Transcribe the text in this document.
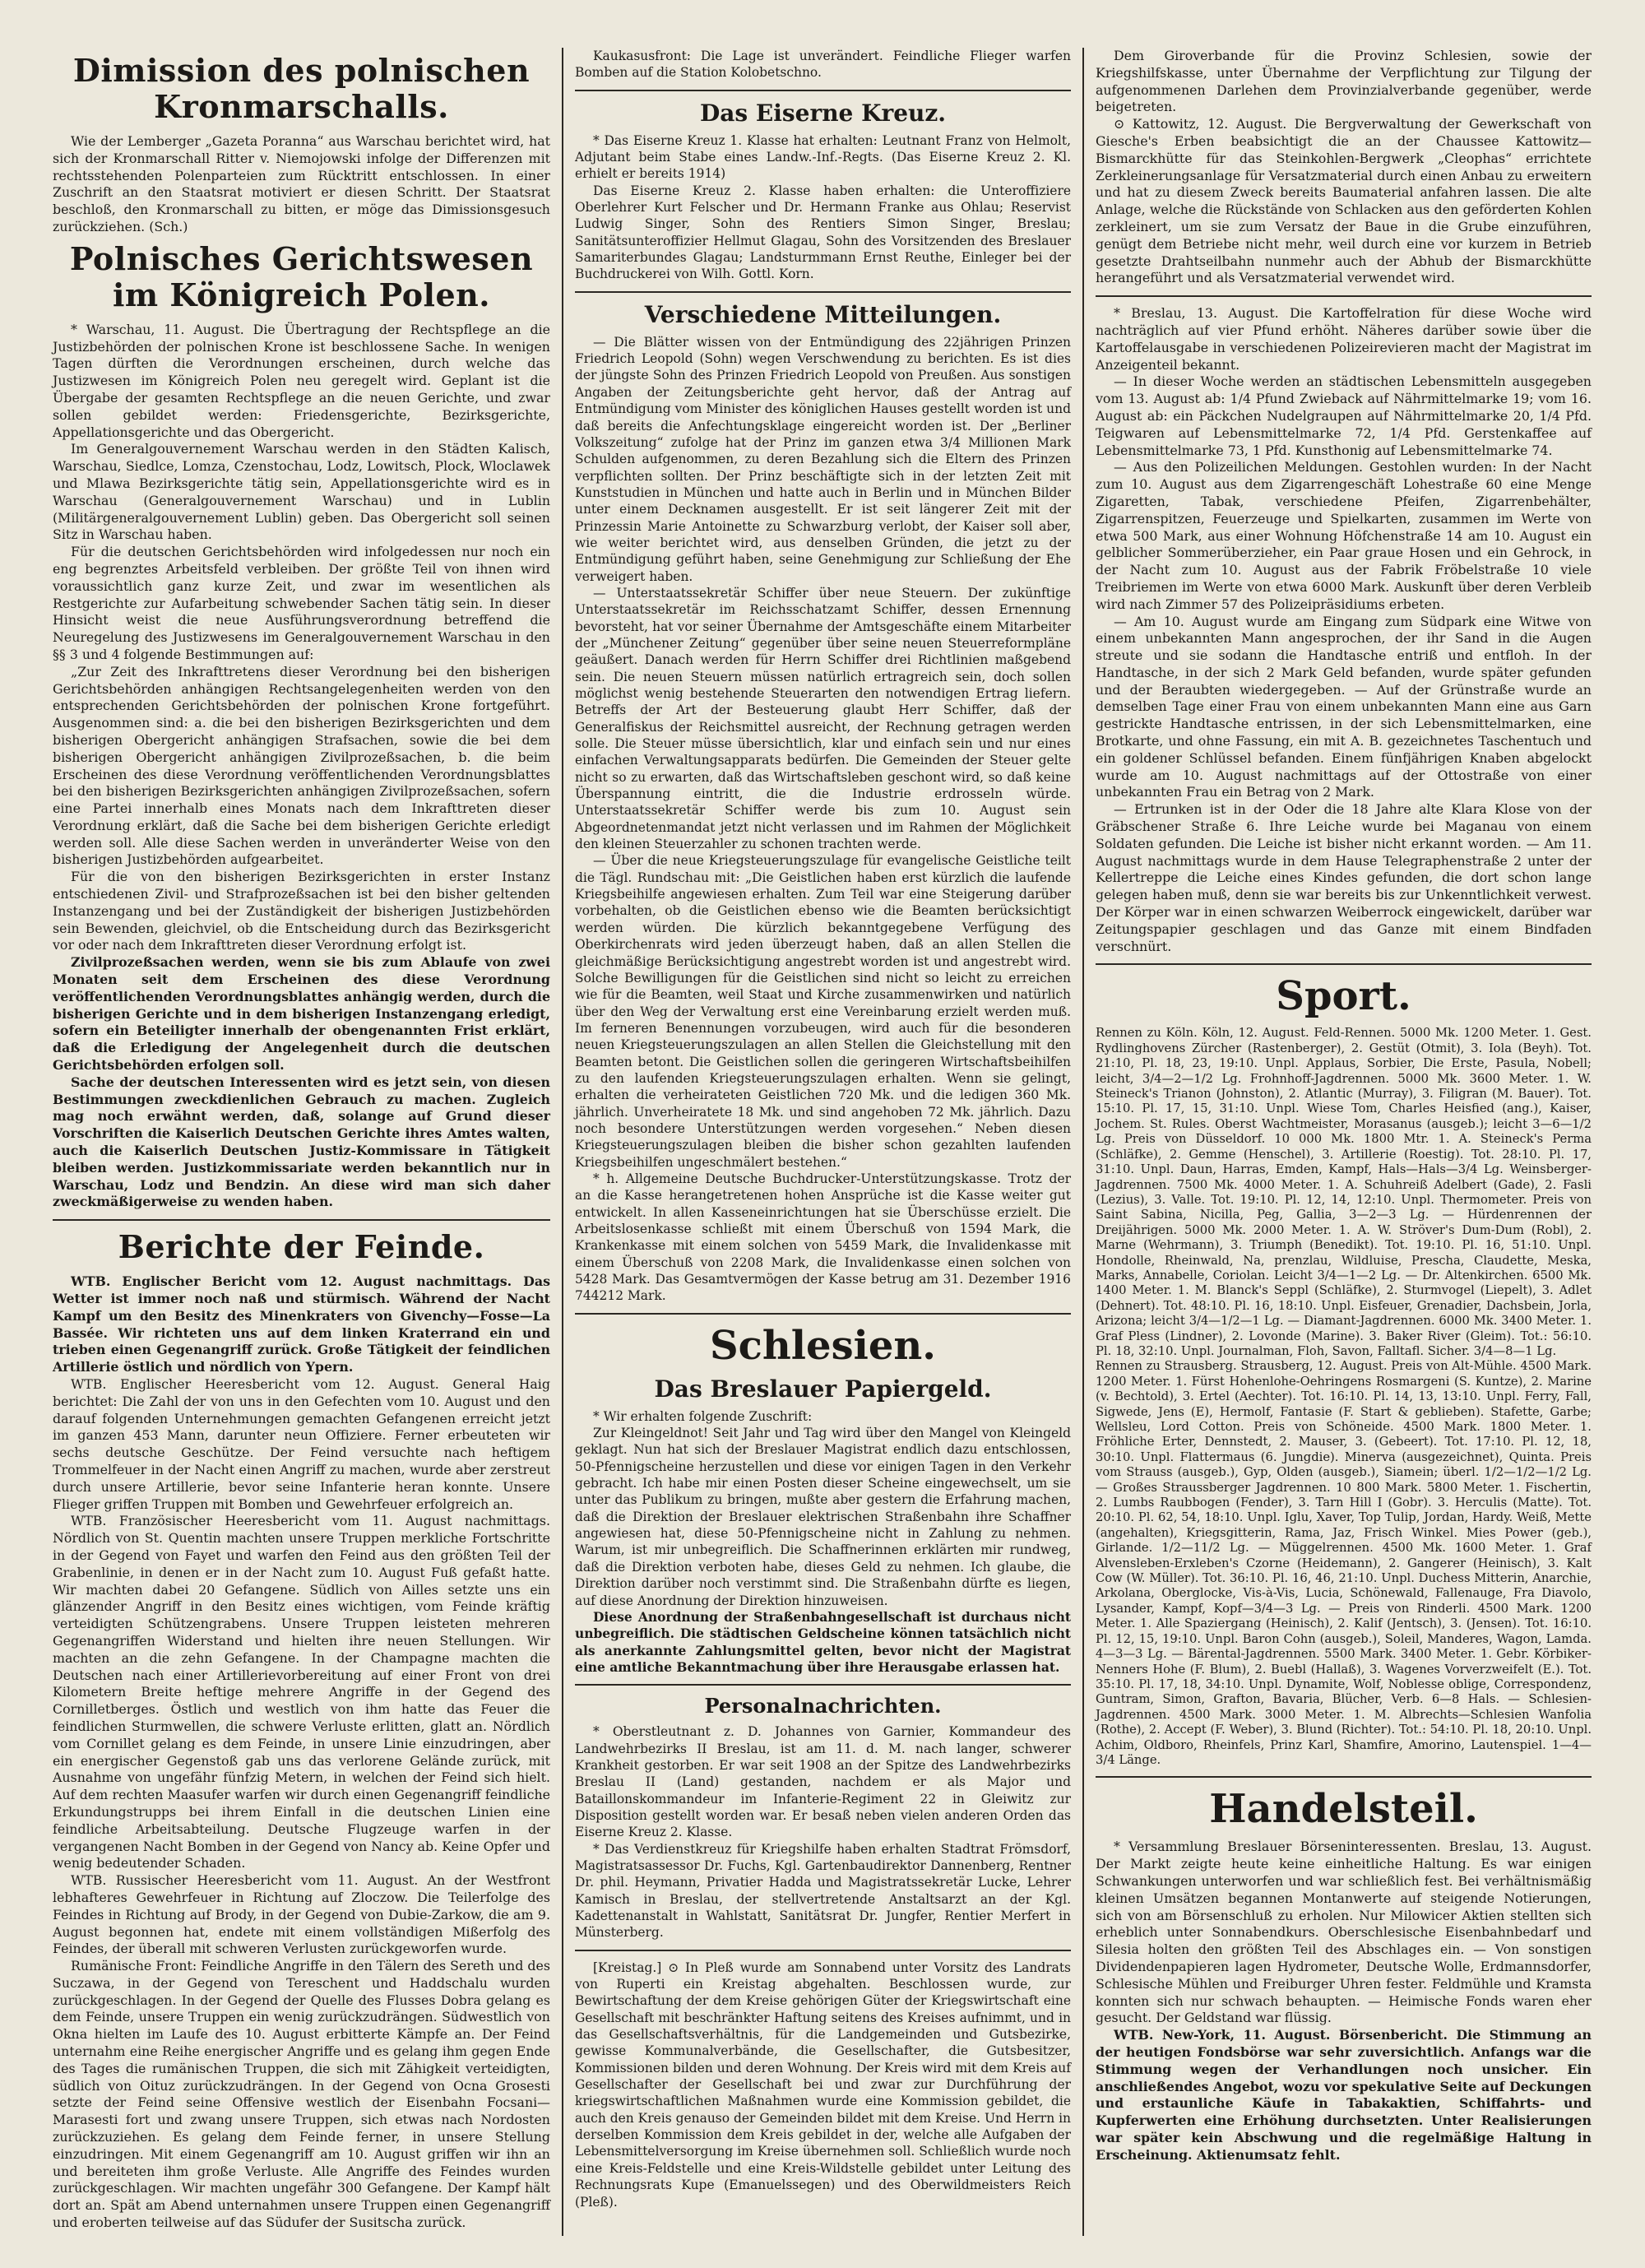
Dimission des polnischen Kronmarschalls.

Wie der Lemberger „Gazeta Poranna“ aus Warschau berichtet wird, hat sich der Kronmarschall Ritter v. Niemojowski infolge der Differenzen mit rechtsstehenden Polenparteien zum Rücktritt entschlossen. In einer Zuschrift an den Staatsrat motiviert er diesen Schritt. Der Staatsrat beschloß, den Kronmarschall zu bitten, er möge das Dimissionsgesuch zurückziehen. (Sch.)

Polnisches Gerichtswesen im Königreich Polen.

* Warschau, 11. August. Die Übertragung der Rechtspflege an die Justizbehörden der polnischen Krone ist beschlossene Sache. In wenigen Tagen dürften die Verordnungen erscheinen, durch welche das Justizwesen im Königreich Polen neu geregelt wird. Geplant ist die Übergabe der gesamten Rechtspflege an die neuen Gerichte, und zwar sollen gebildet werden: Friedensgerichte, Bezirksgerichte, Appellationsgerichte und das Obergericht.

Im Generalgouvernement Warschau werden in den Städten Kalisch, Warschau, Siedlce, Lomza, Czenstochau, Lodz, Lowitsch, Plock, Wloclawek und Mlawa Bezirksgerichte tätig sein, Appellationsgerichte wird es in Warschau (Generalgouvernement Warschau) und in Lublin (Militärgeneralgouvernement Lublin) geben. Das Obergericht soll seinen Sitz in Warschau haben.

Für die deutschen Gerichtsbehörden wird infolgedessen nur noch ein eng begrenztes Arbeitsfeld verbleiben. Der größte Teil von ihnen wird voraussichtlich ganz kurze Zeit, und zwar im wesentlichen als Restgerichte zur Aufarbeitung schwebender Sachen tätig sein. In dieser Hinsicht weist die neue Ausführungsverordnung betreffend die Neuregelung des Justizwesens im Generalgouvernement Warschau in den §§ 3 und 4 folgende Bestimmungen auf:

„Zur Zeit des Inkrafttretens dieser Verordnung bei den bisherigen Gerichtsbehörden anhängigen Rechtsangelegenheiten werden von den entsprechenden Gerichtsbehörden der polnischen Krone fortgeführt. Ausgenommen sind: a. die bei den bisherigen Bezirksgerichten und dem bisherigen Obergericht anhängigen Strafsachen, sowie die bei dem bisherigen Obergericht anhängigen Zivilprozeßsachen, b. die beim Erscheinen des diese Verordnung veröffentlichenden Verordnungsblattes bei den bisherigen Bezirksgerichten anhängigen Zivilprozeßsachen, sofern eine Partei innerhalb eines Monats nach dem Inkrafttreten dieser Verordnung erklärt, daß die Sache bei dem bisherigen Gerichte erledigt werden soll. Alle diese Sachen werden in unveränderter Weise von den bisherigen Justizbehörden aufgearbeitet.

Für die von den bisherigen Bezirksgerichten in erster Instanz entschiedenen Zivil- und Strafprozeßsachen ist bei den bisher geltenden Instanzengang und bei der Zuständigkeit der bisherigen Justizbehörden sein Bewenden, gleichviel, ob die Entscheidung durch das Bezirksgericht vor oder nach dem Inkrafttreten dieser Verordnung erfolgt ist.

Zivilprozeßsachen werden, wenn sie bis zum Ablaufe von zwei Monaten seit dem Erscheinen des diese Verordnung veröffentlichenden Verordnungsblattes anhängig werden, durch die bisherigen Gerichte und in dem bisherigen Instanzengang erledigt, sofern ein Beteiligter innerhalb der obengenannten Frist erklärt, daß die Erledigung der Angelegenheit durch die deutschen Gerichtsbehörden erfolgen soll.

Sache der deutschen Interessenten wird es jetzt sein, von diesen Bestimmungen zweckdienlichen Gebrauch zu machen. Zugleich mag noch erwähnt werden, daß, solange auf Grund dieser Vorschriften die Kaiserlich Deutschen Gerichte ihres Amtes walten, auch die Kaiserlich Deutschen Justiz-Kommissare in Tätigkeit bleiben werden. Justizkommissariate werden bekanntlich nur in Warschau, Lodz und Bendzin. An diese wird man sich daher zweckmäßigerweise zu wenden haben.

Berichte der Feinde.

WTB. Englischer Bericht vom 12. August nachmittags. Das Wetter ist immer noch naß und stürmisch. Während der Nacht Kampf um den Besitz des Minenkraters von Givenchy—Fosse—La Bassée. Wir richteten uns auf dem linken Kraterrand ein und trieben einen Gegenangriff zurück. Große Tätigkeit der feindlichen Artillerie östlich und nördlich von Ypern.

WTB. Englischer Heeresbericht vom 12. August. General Haig berichtet: Die Zahl der von uns in den Gefechten vom 10. August und den darauf folgenden Unternehmungen gemachten Gefangenen erreicht jetzt im ganzen 453 Mann, darunter neun Offiziere. Ferner erbeuteten wir sechs deutsche Geschütze. Der Feind versuchte nach heftigem Trommelfeuer in der Nacht einen Angriff zu machen, wurde aber zerstreut durch unsere Artillerie, bevor seine Infanterie heran konnte. Unsere Flieger griffen Truppen mit Bomben und Gewehrfeuer erfolgreich an.

WTB. Französischer Heeresbericht vom 11. August nachmittags. Nördlich von St. Quentin machten unsere Truppen merkliche Fortschritte in der Gegend von Fayet und warfen den Feind aus den größten Teil der Grabenlinie, in denen er in der Nacht zum 10. August Fuß gefaßt hatte. Wir machten dabei 20 Gefangene. Südlich von Ailles setzte uns ein glänzender Angriff in den Besitz eines wichtigen, vom Feinde kräftig verteidigten Schützengrabens. Unsere Truppen leisteten mehreren Gegenangriffen Widerstand und hielten ihre neuen Stellungen. Wir machten an die zehn Gefangene. In der Champagne machten die Deutschen nach einer Artillerievorbereitung auf einer Front von drei Kilometern Breite heftige mehrere Angriffe in der Gegend des Cornilletberges. Östlich und westlich von ihm hatte das Feuer die feindlichen Sturmwellen, die schwere Verluste erlitten, glatt an. Nördlich vom Cornillet gelang es dem Feinde, in unsere Linie einzudringen, aber ein energischer Gegenstoß gab uns das verlorene Gelände zurück, mit Ausnahme von ungefähr fünfzig Metern, in welchen der Feind sich hielt. Auf dem rechten Maasufer warfen wir durch einen Gegenangriff feindliche Erkundungstrupps bei ihrem Einfall in die deutschen Linien eine feindliche Arbeitsabteilung. Deutsche Flugzeuge warfen in der vergangenen Nacht Bomben in der Gegend von Nancy ab. Keine Opfer und wenig bedeutender Schaden.

WTB. Russischer Heeresbericht vom 11. August. An der Westfront lebhafteres Gewehrfeuer in Richtung auf Zloczow. Die Teilerfolge des Feindes in Richtung auf Brody, in der Gegend von Dubie-Zarkow, die am 9. August begonnen hat, endete mit einem vollständigen Mißerfolg des Feindes, der überall mit schweren Verlusten zurückgeworfen wurde.

Rumänische Front: Feindliche Angriffe in den Tälern des Sereth und des Suczawa, in der Gegend von Tereschent und Haddschalu wurden zurückgeschlagen. In der Gegend der Quelle des Flusses Dobra gelang es dem Feinde, unsere Truppen ein wenig zurückzudrängen. Südwestlich von Okna hielten im Laufe des 10. August erbitterte Kämpfe an. Der Feind unternahm eine Reihe energischer Angriffe und es gelang ihm gegen Ende des Tages die rumänischen Truppen, die sich mit Zähigkeit verteidigten, südlich von Oituz zurückzudrängen. In der Gegend von Ocna Grosesti setzte der Feind seine Offensive westlich der Eisenbahn Focsani—Marasesti fort und zwang unsere Truppen, sich etwas nach Nordosten zurückzuziehen. Es gelang dem Feinde ferner, in unsere Stellung einzudringen. Mit einem Gegenangriff am 10. August griffen wir ihn an und bereiteten ihm große Verluste. Alle Angriffe des Feindes wurden zurückgeschlagen. Wir machten ungefähr 300 Gefangene. Der Kampf hält dort an. Spät am Abend unternahmen unsere Truppen einen Gegenangriff und eroberten teilweise auf das Südufer der Susitscha zurück.

Kaukasusfront: Die Lage ist unverändert. Feindliche Flieger warfen Bomben auf die Station Kolobetschno.

Das Eiserne Kreuz.

* Das Eiserne Kreuz 1. Klasse hat erhalten: Leutnant Franz von Helmolt, Adjutant beim Stabe eines Landw.-Inf.-Regts. (Das Eiserne Kreuz 2. Kl. erhielt er bereits 1914)

Das Eiserne Kreuz 2. Klasse haben erhalten: die Unteroffiziere Oberlehrer Kurt Felscher und Dr. Hermann Franke aus Ohlau; Reservist Ludwig Singer, Sohn des Rentiers Simon Singer, Breslau; Sanitätsunteroffizier Hellmut Glagau, Sohn des Vorsitzenden des Breslauer Samariterbundes Glagau; Landsturmmann Ernst Reuthe, Einleger bei der Buchdruckerei von Wilh. Gottl. Korn.

Verschiedene Mitteilungen.

— Die Blätter wissen von der Entmündigung des 22jährigen Prinzen Friedrich Leopold (Sohn) wegen Verschwendung zu berichten. Es ist dies der jüngste Sohn des Prinzen Friedrich Leopold von Preußen. Aus sonstigen Angaben der Zeitungsberichte geht hervor, daß der Antrag auf Entmündigung vom Minister des königlichen Hauses gestellt worden ist und daß bereits die Anfechtungsklage eingereicht worden ist. Der „Berliner Volkszeitung“ zufolge hat der Prinz im ganzen etwa 3/4 Millionen Mark Schulden aufgenommen, zu deren Bezahlung sich die Eltern des Prinzen verpflichten sollten. Der Prinz beschäftigte sich in der letzten Zeit mit Kunststudien in München und hatte auch in Berlin und in München Bilder unter einem Decknamen ausgestellt. Er ist seit längerer Zeit mit der Prinzessin Marie Antoinette zu Schwarzburg verlobt, der Kaiser soll aber, wie weiter berichtet wird, aus denselben Gründen, die jetzt zu der Entmündigung geführt haben, seine Genehmigung zur Schließung der Ehe verweigert haben.

— Unterstaatssekretär Schiffer über neue Steuern. Der zukünftige Unterstaatssekretär im Reichsschatzamt Schiffer, dessen Ernennung bevorsteht, hat vor seiner Übernahme der Amtsgeschäfte einem Mitarbeiter der „Münchener Zeitung“ gegenüber über seine neuen Steuerreformpläne geäußert. Danach werden für Herrn Schiffer drei Richtlinien maßgebend sein. Die neuen Steuern müssen natürlich ertragreich sein, doch sollen möglichst wenig bestehende Steuerarten den notwendigen Ertrag liefern. Betreffs der Art der Besteuerung glaubt Herr Schiffer, daß der Generalfiskus der Reichsmittel ausreicht, der Rechnung getragen werden solle. Die Steuer müsse übersichtlich, klar und einfach sein und nur eines einfachen Verwaltungsapparats bedürfen. Die Gemeinden der Steuer gelte nicht so zu erwarten, daß das Wirtschaftsleben geschont wird, so daß keine Überspannung eintritt, die die Industrie erdrosseln würde. Unterstaatssekretär Schiffer werde bis zum 10. August sein Abgeordnetenmandat jetzt nicht verlassen und im Rahmen der Möglichkeit den kleinen Steuerzahler zu schonen trachten werde.

— Über die neue Kriegsteuerungszulage für evangelische Geistliche teilt die Tägl. Rundschau mit: „Die Geistlichen haben erst kürzlich die laufende Kriegsbeihilfe angewiesen erhalten. Zum Teil war eine Steigerung darüber vorbehalten, ob die Geistlichen ebenso wie die Beamten berücksichtigt werden würden. Die kürzlich bekanntgegebene Verfügung des Oberkirchenrats wird jeden überzeugt haben, daß an allen Stellen die gleichmäßige Berücksichtigung angestrebt worden ist und angestrebt wird. Solche Bewilligungen für die Geistlichen sind nicht so leicht zu erreichen wie für die Beamten, weil Staat und Kirche zusammenwirken und natürlich über den Weg der Verwaltung erst eine Vereinbarung erzielt werden muß. Im ferneren Benennungen vorzubeugen, wird auch für die besonderen neuen Kriegsteuerungszulagen an allen Stellen die Gleichstellung mit den Beamten betont. Die Geistlichen sollen die geringeren Wirtschaftsbeihilfen zu den laufenden Kriegsteuerungszulagen erhalten. Wenn sie gelingt, erhalten die verheirateten Geistlichen 720 Mk. und die ledigen 360 Mk. jährlich. Unverheiratete 18 Mk. und sind angehoben 72 Mk. jährlich. Dazu noch besondere Unterstützungen werden vorgesehen.“ Neben diesen Kriegsteuerungszulagen bleiben die bisher schon gezahlten laufenden Kriegsbeihilfen ungeschmälert bestehen.“

* h. Allgemeine Deutsche Buchdrucker-Unterstützungskasse. Trotz der an die Kasse herangetretenen hohen Ansprüche ist die Kasse weiter gut entwickelt. In allen Kasseneinrichtungen hat sie Überschüsse erzielt. Die Arbeitslosenkasse schließt mit einem Überschuß von 1594 Mark, die Krankenkasse mit einem solchen von 5459 Mark, die Invalidenkasse mit einem Überschuß von 2208 Mark, die Invalidenkasse einen solchen von 5428 Mark. Das Gesamtvermögen der Kasse betrug am 31. Dezember 1916 744212 Mark.

Schlesien.
Das Breslauer Papiergeld.

* Wir erhalten folgende Zuschrift:

Zur Kleingeldnot! Seit Jahr und Tag wird über den Mangel von Kleingeld geklagt. Nun hat sich der Breslauer Magistrat endlich dazu entschlossen, 50-Pfennigscheine herzustellen und diese vor einigen Tagen in den Verkehr gebracht. Ich habe mir einen Posten dieser Scheine eingewechselt, um sie unter das Publikum zu bringen, mußte aber gestern die Erfahrung machen, daß die Direktion der Breslauer elektrischen Straßenbahn ihre Schaffner angewiesen hat, diese 50-Pfennigscheine nicht in Zahlung zu nehmen. Warum, ist mir unbegreiflich. Die Schaffnerinnen erklärten mir rundweg, daß die Direktion verboten habe, dieses Geld zu nehmen. Ich glaube, die Direktion darüber noch verstimmt sind. Die Straßenbahn dürfte es liegen, auf diese Anordnung der Direktion hinzuweisen.

Diese Anordnung der Straßenbahngesellschaft ist durchaus nicht unbegreiflich. Die städtischen Geldscheine können tatsächlich nicht als anerkannte Zahlungsmittel gelten, bevor nicht der Magistrat eine amtliche Bekanntmachung über ihre Herausgabe erlassen hat.

Personalnachrichten.

* Oberstleutnant z. D. Johannes von Garnier, Kommandeur des Landwehrbezirks II Breslau, ist am 11. d. M. nach langer, schwerer Krankheit gestorben. Er war seit 1908 an der Spitze des Landwehrbezirks Breslau II (Land) gestanden, nachdem er als Major und Bataillonskommandeur im Infanterie-Regiment 22 in Gleiwitz zur Disposition gestellt worden war. Er besaß neben vielen anderen Orden das Eiserne Kreuz 2. Klasse.

* Das Verdienstkreuz für Kriegshilfe haben erhalten Stadtrat Frömsdorf, Magistratsassessor Dr. Fuchs, Kgl. Gartenbaudirektor Dannenberg, Rentner Dr. phil. Heymann, Privatier Hadda und Magistratssekretär Lucke, Lehrer Kamisch in Breslau, der stellvertretende Anstaltsarzt an der Kgl. Kadettenanstalt in Wahlstatt, Sanitätsrat Dr. Jungfer, Rentier Merfert in Münsterberg.

[Kreistag.] ⊙ In Pleß wurde am Sonnabend unter Vorsitz des Landrats von Ruperti ein Kreistag abgehalten. Beschlossen wurde, zur Bewirtschaftung der dem Kreise gehörigen Güter der Kriegswirtschaft eine Gesellschaft mit beschränkter Haftung seitens des Kreises aufnimmt, und in das Gesellschaftsverhältnis, für die Landgemeinden und Gutsbezirke, gewisse Kommunalverbände, die Gesellschafter, die Gutsbesitzer, Kommissionen bilden und deren Wohnung. Der Kreis wird mit dem Kreis auf Gesellschafter der Gesellschaft bei und zwar zur Durchführung der kriegswirtschaftlichen Maßnahmen wurde eine Kommission gebildet, die auch den Kreis genauso der Gemeinden bildet mit dem Kreise. Und Herrn in derselben Kommission dem Kreis gebildet in der, welche alle Aufgaben der Lebensmittelversorgung im Kreise übernehmen soll. Schließlich wurde noch eine Kreis-Feldstelle und eine Kreis-Wildstelle gebildet unter Leitung des Rechnungsrats Kupe (Emanuelssegen) und des Oberwildmeisters Reich (Pleß).

Dem Giroverbande für die Provinz Schlesien, sowie der Kriegshilfskasse, unter Übernahme der Verpflichtung zur Tilgung der aufgenommenen Darlehen dem Provinzialverbande gegenüber, werde beigetreten.

⊙ Kattowitz, 12. August. Die Bergverwaltung der Gewerkschaft von Giesche's Erben beabsichtigt die an der Chaussee Kattowitz—Bismarckhütte für das Steinkohlen-Bergwerk „Cleophas“ errichtete Zerkleinerungsanlage für Versatzmaterial durch einen Anbau zu erweitern und hat zu diesem Zweck bereits Baumaterial anfahren lassen. Die alte Anlage, welche die Rückstände von Schlacken aus den geförderten Kohlen zerkleinert, um sie zum Versatz der Baue in die Grube einzuführen, genügt dem Betriebe nicht mehr, weil durch eine vor kurzem in Betrieb gesetzte Drahtseilbahn nunmehr auch der Abhub der Bismarckhütte herangeführt und als Versatzmaterial verwendet wird.

* Breslau, 13. August. Die Kartoffelration für diese Woche wird nachträglich auf vier Pfund erhöht. Näheres darüber sowie über die Kartoffelausgabe in verschiedenen Polizeirevieren macht der Magistrat im Anzeigenteil bekannt.

— In dieser Woche werden an städtischen Lebensmitteln ausgegeben vom 13. August ab: 1/4 Pfund Zwieback auf Nährmittelmarke 19; vom 16. August ab: ein Päckchen Nudelgraupen auf Nährmittelmarke 20, 1/4 Pfd. Teigwaren auf Lebensmittelmarke 72, 1/4 Pfd. Gerstenkaffee auf Lebensmittelmarke 73, 1 Pfd. Kunsthonig auf Lebensmittelmarke 74.

— Aus den Polizeilichen Meldungen. Gestohlen wurden: In der Nacht zum 10. August aus dem Zigarrengeschäft Lohestraße 60 eine Menge Zigaretten, Tabak, verschiedene Pfeifen, Zigarrenbehälter, Zigarrenspitzen, Feuerzeuge und Spielkarten, zusammen im Werte von etwa 500 Mark, aus einer Wohnung Höfchenstraße 14 am 10. August ein gelblicher Sommerüberzieher, ein Paar graue Hosen und ein Gehrock, in der Nacht zum 10. August aus der Fabrik Fröbelstraße 10 viele Treibriemen im Werte von etwa 6000 Mark. Auskunft über deren Verbleib wird nach Zimmer 57 des Polizeipräsidiums erbeten.

— Am 10. August wurde am Eingang zum Südpark eine Witwe von einem unbekannten Mann angesprochen, der ihr Sand in die Augen streute und sie sodann die Handtasche entriß und entfloh. In der Handtasche, in der sich 2 Mark Geld befanden, wurde später gefunden und der Beraubten wiedergegeben. — Auf der Grünstraße wurde an demselben Tage einer Frau von einem unbekannten Mann eine aus Garn gestrickte Handtasche entrissen, in der sich Lebensmittelmarken, eine Brotkarte, und ohne Fassung, ein mit A. B. gezeichnetes Taschentuch und ein goldener Schlüssel befanden. Einem fünfjährigen Knaben abgelockt wurde am 10. August nachmittags auf der Ottostraße von einer unbekannten Frau ein Betrag von 2 Mark.

— Ertrunken ist in der Oder die 18 Jahre alte Klara Klose von der Gräbschener Straße 6. Ihre Leiche wurde bei Maganau von einem Soldaten gefunden. Die Leiche ist bisher nicht erkannt worden. — Am 11. August nachmittags wurde in dem Hause Telegraphenstraße 2 unter der Kellertreppe die Leiche eines Kindes gefunden, die dort schon lange gelegen haben muß, denn sie war bereits bis zur Unkenntlichkeit verwest. Der Körper war in einen schwarzen Weiberrock eingewickelt, darüber war Zeitungspapier geschlagen und das Ganze mit einem Bindfaden verschnürt.

Sport.

Rennen zu Köln. Köln, 12. August. Feld-Rennen. 5000 Mk. 1200 Meter. 1. Gest. Rydlinghovens Zürcher (Rastenberger), 2. Gestüt (Otmit), 3. Iola (Beyh). Tot. 21:10, Pl. 18, 23, 19:10. Unpl. Applaus, Sorbier, Die Erste, Pasula, Nobell; leicht, 3/4—2—1/2 Lg. Frohnhoff-Jagdrennen. 5000 Mk. 3600 Meter. 1. W. Steineck's Trianon (Johnston), 2. Atlantic (Murray), 3. Filigran (M. Bauer). Tot. 15:10. Pl. 17, 15, 31:10. Unpl. Wiese Tom, Charles Heisfied (ang.), Kaiser, Jochem. St. Rules. Oberst Wachtmeister, Morasanus (ausgeb.); leicht 3—6—1/2 Lg. Preis von Düsseldorf. 10 000 Mk. 1800 Mtr. 1. A. Steineck's Perma (Schläfke), 2. Gemme (Henschel), 3. Artillerie (Roestig). Tot. 28:10. Pl. 17, 31:10. Unpl. Daun, Harras, Emden, Kampf, Hals—Hals—3/4 Lg. Weinsberger-Jagdrennen. 7500 Mk. 4000 Meter. 1. A. Schuhreiß Adelbert (Gade), 2. Fasli (Lezius), 3. Valle. Tot. 19:10. Pl. 12, 14, 12:10. Unpl. Thermometer. Preis von Saint Sabina, Nicilla, Peg, Gallia, 3—2—3 Lg. — Hürdenrennen der Dreijährigen. 5000 Mk. 2000 Meter. 1. A. W. Ströver's Dum-Dum (Robl), 2. Marne (Wehrmann), 3. Triumph (Benedikt). Tot. 19:10. Pl. 16, 51:10. Unpl. Hondolle, Rheinwald, Na, prenzlau, Wildluise, Prescha, Claudette, Meska, Marks, Annabelle, Coriolan. Leicht 3/4—1—2 Lg. — Dr. Altenkirchen. 6500 Mk. 1400 Meter. 1. M. Blanck's Seppl (Schläfke), 2. Sturmvogel (Liepelt), 3. Adlet (Dehnert). Tot. 48:10. Pl. 16, 18:10. Unpl. Eisfeuer, Grenadier, Dachsbein, Jorla, Arizona; leicht 3/4—1/2—1 Lg. — Diamant-Jagdrennen. 6000 Mk. 3400 Meter. 1. Graf Pless (Lindner), 2. Lovonde (Marine). 3. Baker River (Gleim). Tot.: 56:10. Pl. 18, 32:10. Unpl. Journalman, Floh, Savon, Falltafl. Sicher. 3/4—8—1 Lg.

Rennen zu Strausberg. Strausberg, 12. August. Preis von Alt-Mühle. 4500 Mark. 1200 Meter. 1. Fürst Hohenlohe-Oehringens Rosmargeni (S. Kuntze), 2. Marine (v. Bechtold), 3. Ertel (Aechter). Tot. 16:10. Pl. 14, 13, 13:10. Unpl. Ferry, Fall, Sigwede, Jens (E), Hermolf, Fantasie (F. Start & geblieben). Stafette, Garbe; Wellsleu, Lord Cotton. Preis von Schöneide. 4500 Mark. 1800 Meter. 1. Fröhliche Erter, Dennstedt, 2. Mauser, 3. (Gebeert). Tot. 17:10. Pl. 12, 18, 30:10. Unpl. Flattermaus (6. Jungdie). Minerva (ausgezeichnet), Quinta. Preis vom Strauss (ausgeb.), Gyp, Olden (ausgeb.), Siamein; überl. 1/2—1/2—1/2 Lg. — Großes Straussberger Jagdrennen. 10 800 Mark. 5800 Meter. 1. Fischertin, 2. Lumbs Raubbogen (Fender), 3. Tarn Hill I (Gobr). 3. Herculis (Matte). Tot. 20:10. Pl. 62, 54, 18:10. Unpl. Iglu, Xaver, Top Tulip, Jordan, Hardy. Weiß, Mette (angehalten), Kriegsgitterin, Rama, Jaz, Frisch Winkel. Mies Power (geb.), Girlande. 1/2—11/2 Lg. — Müggelrennen. 4500 Mk. 1600 Meter. 1. Graf Alvensleben-Erxleben's Czorne (Heidemann), 2. Gangerer (Heinisch), 3. Kalt Cow (W. Müller). Tot. 36:10. Pl. 16, 46, 21:10. Unpl. Duchess Mitterin, Anarchie, Arkolana, Oberglocke, Vis-à-Vis, Lucia, Schönewald, Fallenauge, Fra Diavolo, Lysander, Kampf, Kopf—3/4—3 Lg. — Preis von Rinderli. 4500 Mark. 1200 Meter. 1. Alle Spaziergang (Heinisch), 2. Kalif (Jentsch), 3. (Jensen). Tot. 16:10. Pl. 12, 15, 19:10. Unpl. Baron Cohn (ausgeb.), Soleil, Manderes, Wagon, Lamda. 4—3—3 Lg. — Bärental-Jagdrennen. 5500 Mark. 3400 Meter. 1. Gebr. Körbiker-Nenners Hohe (F. Blum), 2. Buebl (Hallaß), 3. Wagenes Vorverzweifelt (E.). Tot. 35:10. Pl. 17, 18, 34:10. Unpl. Dynamite, Wolf, Noblesse oblige, Correspondenz, Guntram, Simon, Grafton, Bavaria, Blücher, Verb. 6—8 Hals. — Schlesien-Jagdrennen. 4500 Mark. 3000 Meter. 1. M. Albrechts—Schlesien Wanfolia (Rothe), 2. Accept (F. Weber), 3. Blund (Richter). Tot.: 54:10. Pl. 18, 20:10. Unpl. Achim, Oldboro, Rheinfels, Prinz Karl, Shamfire, Amorino, Lautenspiel. 1—4—3/4 Länge.

Handelsteil.

* Versammlung Breslauer Börseninteressenten. Breslau, 13. August. Der Markt zeigte heute keine einheitliche Haltung. Es war einigen Schwankungen unterworfen und war schließlich fest. Bei verhältnismäßig kleinen Umsätzen begannen Montanwerte auf steigende Notierungen, sich von am Börsenschluß zu erholen. Nur Milowicer Aktien stellten sich erheblich unter Sonnabendkurs. Oberschlesische Eisenbahnbedarf und Silesia holten den größten Teil des Abschlages ein. — Von sonstigen Dividendenpapieren lagen Hydrometer, Deutsche Wolle, Erdmannsdorfer, Schlesische Mühlen und Freiburger Uhren fester. Feldmühle und Kramsta konnten sich nur schwach behaupten. — Heimische Fonds waren eher gesucht. Der Geldstand war flüssig.

WTB. New-York, 11. August. Börsenbericht. Die Stimmung an der heutigen Fondsbörse war sehr zuversichtlich. Anfangs war die Stimmung wegen der Verhandlungen noch unsicher. Ein anschließendes Angebot, wozu vor spekulative Seite auf Deckungen und erstaunliche Käufe in Tabakaktien, Schiffahrts- und Kupferwerten eine Erhöhung durchsetzten. Unter Realisierungen war später kein Abschwung und die regelmäßige Haltung in Erscheinung. Aktienumsatz fehlt.
